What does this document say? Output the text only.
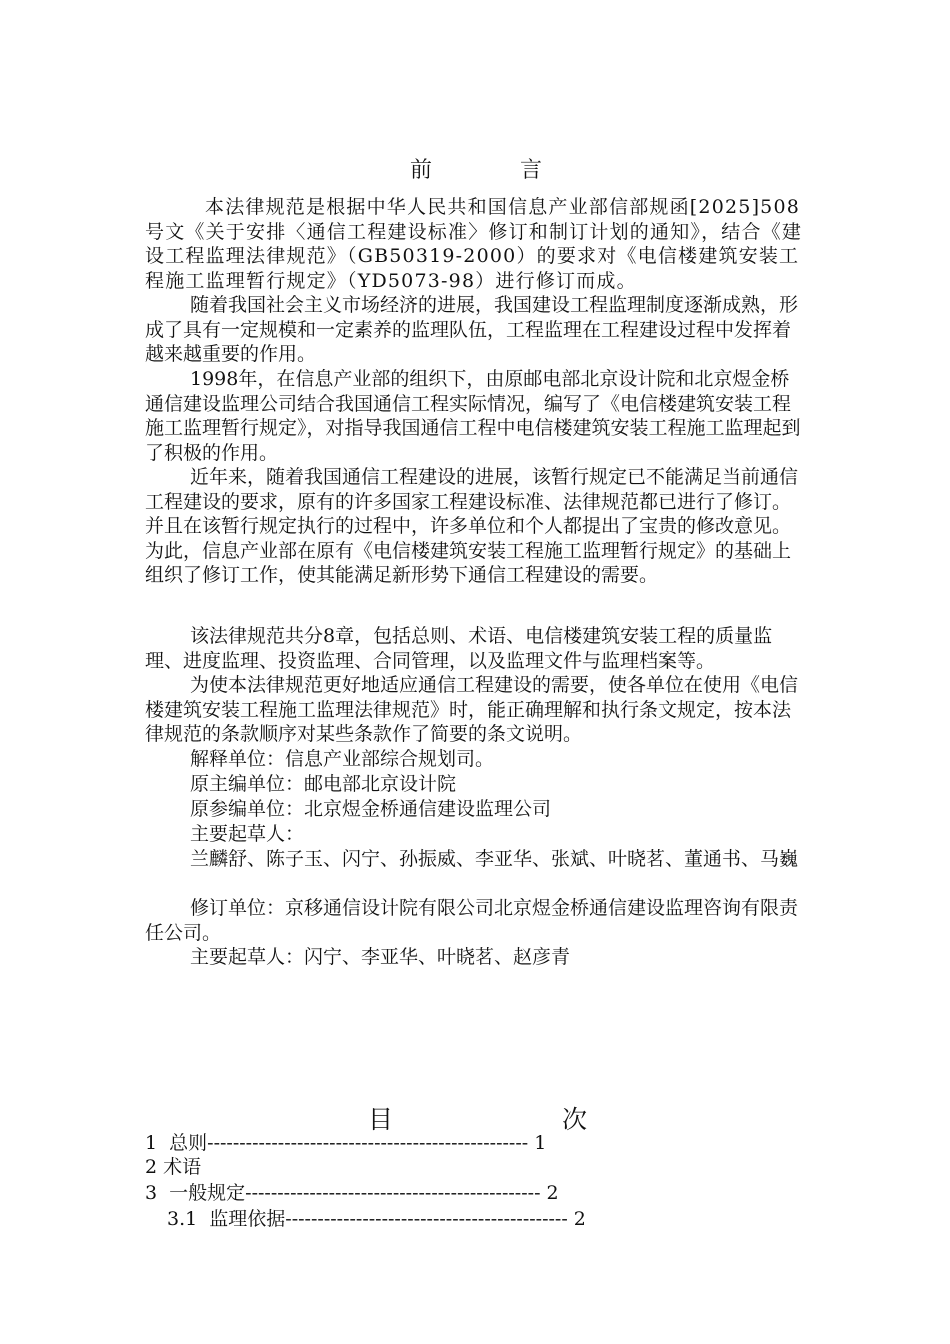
前	言

本法律规范是根据中华人民共和国信息产业部信部规函[2025]508号文《关于安排〈通信工程建设标准〉修订和制订计划的通知》，结合《建设工程监理法律规范》（GB50319-2000）的要求对《电信楼建筑安装工程施工监理暂行规定》（YD5073-98）进行修订而成。

随着我国社会主义市场经济的进展，我国建设工程监理制度逐渐成熟，形成了具有一定规模和一定素养的监理队伍，工程监理在工程建设过程中发挥着越来越重要的作用。

1998年，在信息产业部的组织下，由原邮电部北京设计院和北京煜金桥通信建设监理公司结合我国通信工程实际情况，编写了《电信楼建筑安装工程施工监理暂行规定》，对指导我国通信工程中电信楼建筑安装工程施工监理起到了积极的作用。

近年来，随着我国通信工程建设的进展，该暂行规定已不能满足当前通信工程建设的要求，原有的许多国家工程建设标准、法律规范都已进行了修订。并且在该暂行规定执行的过程中，许多单位和个人都提出了宝贵的修改意见。为此，信息产业部在原有《电信楼建筑安装工程施工监理暂行规定》的基础上组织了修订工作，使其能满足新形势下通信工程建设的需要。

该法律规范共分8章，包括总则、术语、电信楼建筑安装工程的质量监理、进度监理、投资监理、合同管理，以及监理文件与监理档案等。

为使本法律规范更好地适应通信工程建设的需要，使各单位在使用《电信楼建筑安装工程施工监理法律规范》时，能正确理解和执行条文规定，按本法律规范的条款顺序对某些条款作了简要的条文说明。

解释单位：信息产业部综合规划司。

原主编单位：邮电部北京设计院

原参编单位：北京煜金桥通信建设监理公司

主要起草人：

兰麟舒、陈子玉、闪宁、孙振威、李亚华、张斌、叶晓茗、董通书、马巍

修订单位：京移通信设计院有限公司北京煜金桥通信建设监理咨询有限责任公司。

主要起草人：闪宁、李亚华、叶晓茗、赵彦青

目	次
1  总则-------------------------------------------------- 1
2 术语
3  一般规定---------------------------------------------- 2
3.1  监理依据-------------------------------------------- 2
